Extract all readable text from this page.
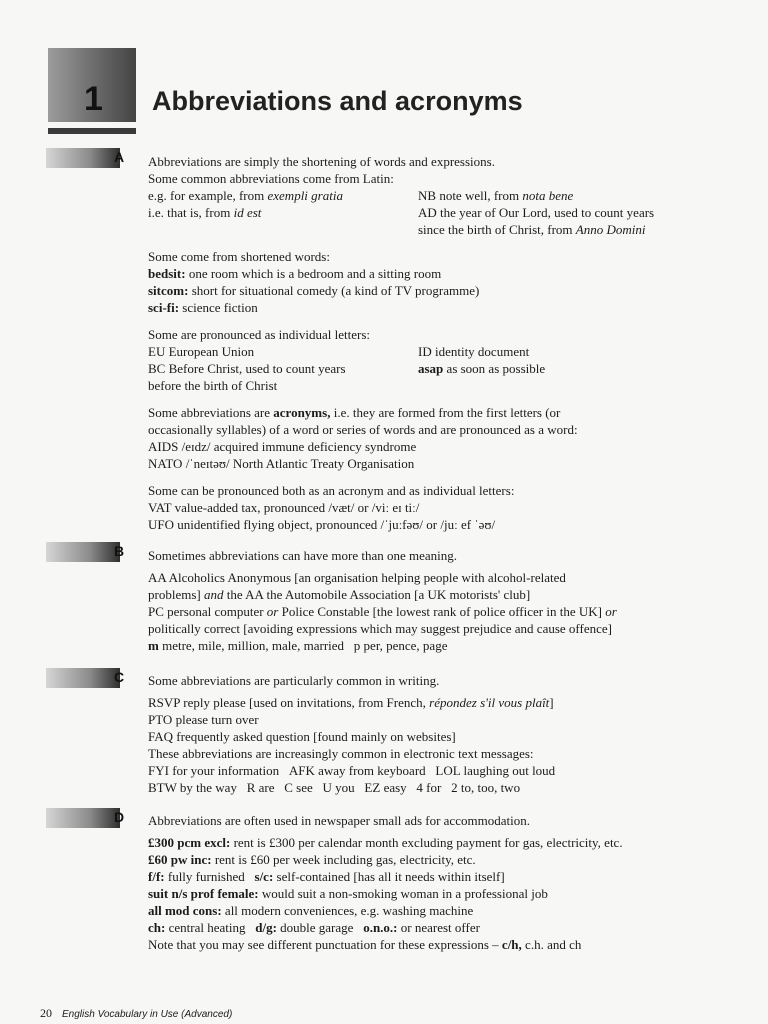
1 Abbreviations and acronyms
A Abbreviations are simply the shortening of words and expressions.
Some common abbreviations come from Latin:
e.g. for example, from exempli gratia
i.e. that is, from id est
NB note well, from nota bene
AD the year of Our Lord, used to count years
since the birth of Christ, from Anno Domini
Some come from shortened words:
bedsit: one room which is a bedroom and a sitting room
sitcom: short for situational comedy (a kind of TV programme)
sci-fi: science fiction
Some are pronounced as individual letters:
EU European Union
BC Before Christ, used to count years
before the birth of Christ
ID identity document
asap as soon as possible
Some abbreviations are acronyms, i.e. they are formed from the first letters (or
occasionally syllables) of a word or series of words and are pronounced as a word:
AIDS /eɪdz/ acquired immune deficiency syndrome
NATO /ˈneɪtəʊ/ North Atlantic Treaty Organisation
Some can be pronounced both as an acronym and as individual letters:
VAT value-added tax, pronounced /væt/ or /viː eɪ tiː/
UFO unidentified flying object, pronounced /ˈjuːfəʊ/ or /juː ef ˈəʊ/
B Sometimes abbreviations can have more than one meaning.
AA Alcoholics Anonymous [an organisation helping people with alcohol-related
problems] and the AA the Automobile Association [a UK motorists' club]
PC personal computer or Police Constable [the lowest rank of police officer in the UK] or
politically correct [avoiding expressions which may suggest prejudice and cause offence]
m metre, mile, million, male, married p per, pence, page
C Some abbreviations are particularly common in writing.
RSVP reply please [used on invitations, from French, répondez s'il vous plaît]
PTO please turn over
FAQ frequently asked question [found mainly on websites]
These abbreviations are increasingly common in electronic text messages:
FYI for your information AFK away from keyboard LOL laughing out loud
BTW by the way R are C see U you EZ easy 4 for 2 to, too, two
D Abbreviations are often used in newspaper small ads for accommodation.
£300 pcm excl: rent is £300 per calendar month excluding payment for gas, electricity, etc.
£60 pw inc: rent is £60 per week including gas, electricity, etc.
f/f: fully furnished s/c: self-contained [has all it needs within itself]
suit n/s prof female: would suit a non-smoking woman in a professional job
all mod cons: all modern conveniences, e.g. washing machine
ch: central heating d/g: double garage o.n.o.: or nearest offer
Note that you may see different punctuation for these expressions – c/h, c.h. and ch
20 English Vocabulary in Use (Advanced)
